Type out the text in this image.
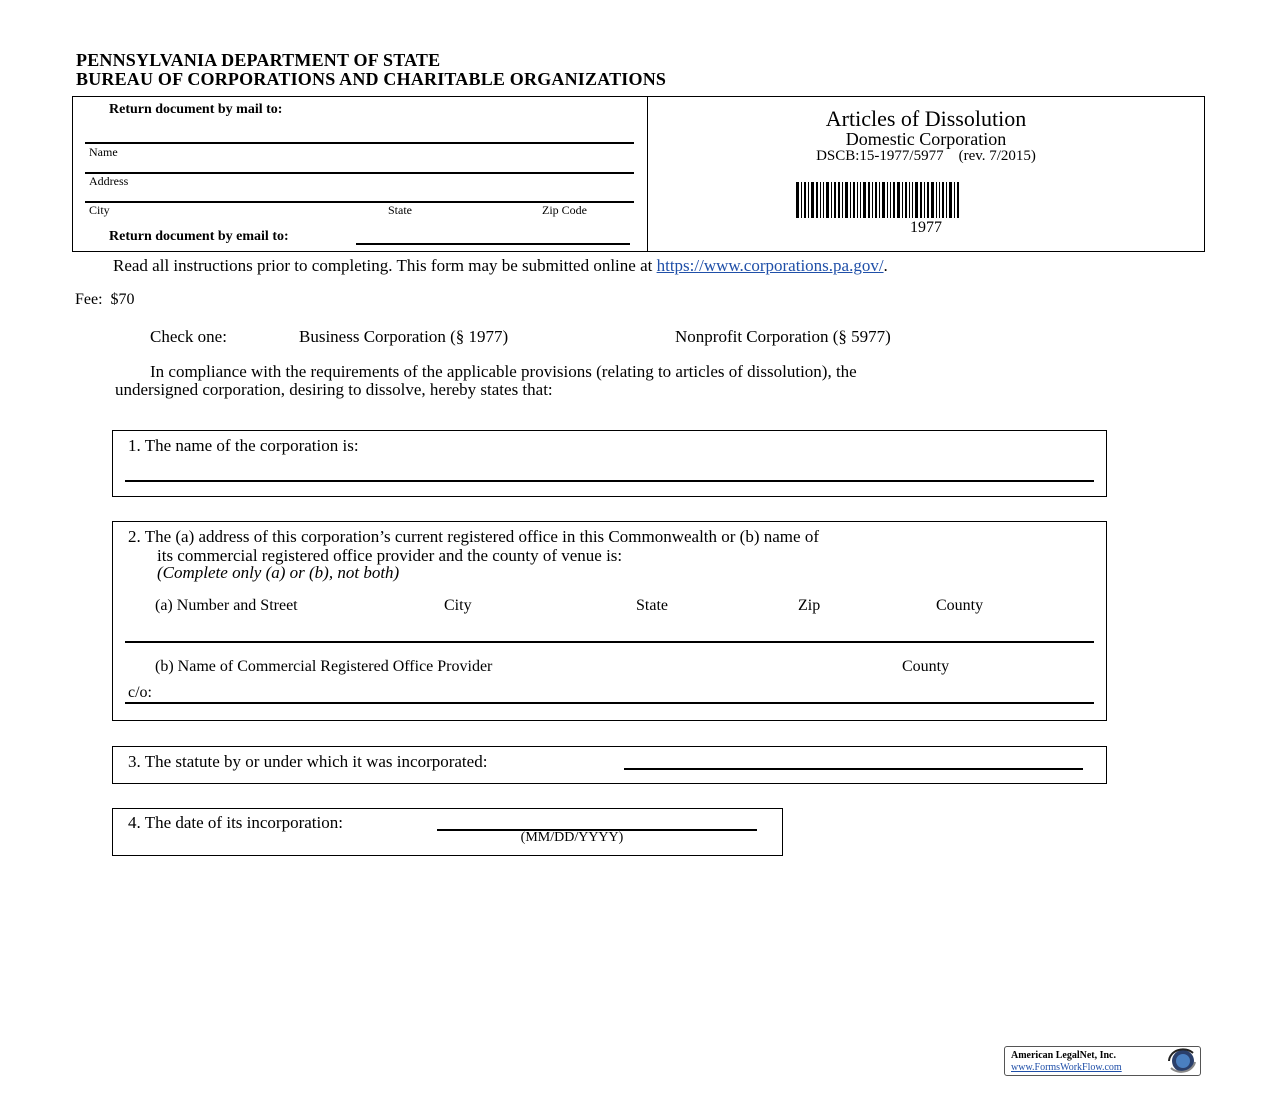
PENNSYLVANIA DEPARTMENT OF STATE
BUREAU OF CORPORATIONS AND CHARITABLE ORGANIZATIONS
Return document by mail to:
Name
Address
City	State	Zip Code
Return document by email to:
Articles of Dissolution
Domestic Corporation
DSCB:15-1977/5977 (rev. 7/2015)
1977
Read all instructions prior to completing. This form may be submitted online at https://www.corporations.pa.gov/.
Fee: $70
Check one:	Business Corporation (§ 1977)	Nonprofit Corporation (§ 5977)
In compliance with the requirements of the applicable provisions (relating to articles of dissolution), the
undersigned corporation, desiring to dissolve, hereby states that:
1. The name of the corporation is:
2. The (a) address of this corporation’s current registered office in this Commonwealth or (b) name of
its commercial registered office provider and the county of venue is:
(Complete only (a) or (b), not both)
(a) Number and Street	City	State	Zip	County
(b) Name of Commercial Registered Office Provider	County
c/o:
3. The statute by or under which it was incorporated:
4. The date of its incorporation:
(MM/DD/YYYY)
American LegalNet, Inc.
www.FormsWorkFlow.com
